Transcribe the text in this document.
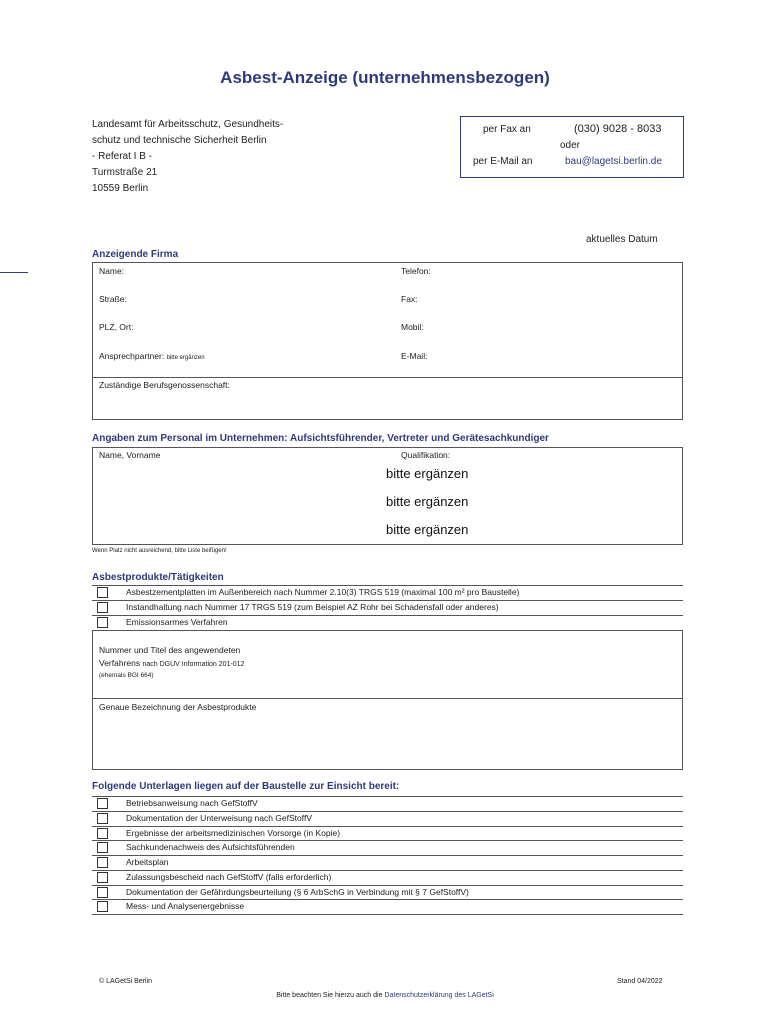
Asbest-Anzeige (unternehmensbezogen)
Landesamt für Arbeitsschutz, Gesundheits-
schutz und technische Sicherheit Berlin
- Referat I B -
Turmstraße 21
10559 Berlin
per Fax an	(030) 9028 - 8033
oder
per E-Mail an	bau@lagetsi.berlin.de
aktuelles Datum
Anzeigende Firma
Name:	Telefon:
Straße:	Fax:
PLZ, Ort:	Mobil:
Ansprechpartner: bitte ergänzen	E-Mail:
Zuständige Berufsgenossenschaft:
Angaben zum Personal im Unternehmen: Aufsichtsführender, Vertreter und Gerätesachkundiger
Name, Vorname	Qualifikation:
bitte ergänzen
bitte ergänzen
bitte ergänzen
Wenn Platz nicht ausreichend, bitte Liste beifügen!
Asbestprodukte/Tätigkeiten
Asbestzementplatten im Außenbereich nach Nummer 2.10(3) TRGS 519 (maximal 100 m² pro Baustelle)
Instandhaltung nach Nummer 17 TRGS 519 (zum Beispiel AZ Rohr bei Schadensfall oder anderes)
Emissionsarmes Verfahren
Nummer und Titel des angewendeten
Verfahrens nach DGUV Information 201-012
(ehemals BGI 664)
Genaue Bezeichnung der Asbestprodukte
Folgende Unterlagen liegen auf der Baustelle zur Einsicht bereit:
Betriebsanweisung nach GefStoffV
Dokumentation der Unterweisung nach GefStoffV
Ergebnisse der arbeitsmedizinischen Vorsorge (in Kopie)
Sachkundenachweis des Aufsichtsführenden
Arbeitsplan
Zulassungsbescheid nach GefStoffV (falls erforderlich)
Dokumentation der Gefährdungsbeurteilung (§ 6 ArbSchG in Verbindung mit § 7 GefStoffV)
Mess- und Analysenergebnisse
© LAGetSi Berlin	Stand 04/2022
Bitte beachten Sie hierzu auch die Datenschutzerklärung des LAGetSi
